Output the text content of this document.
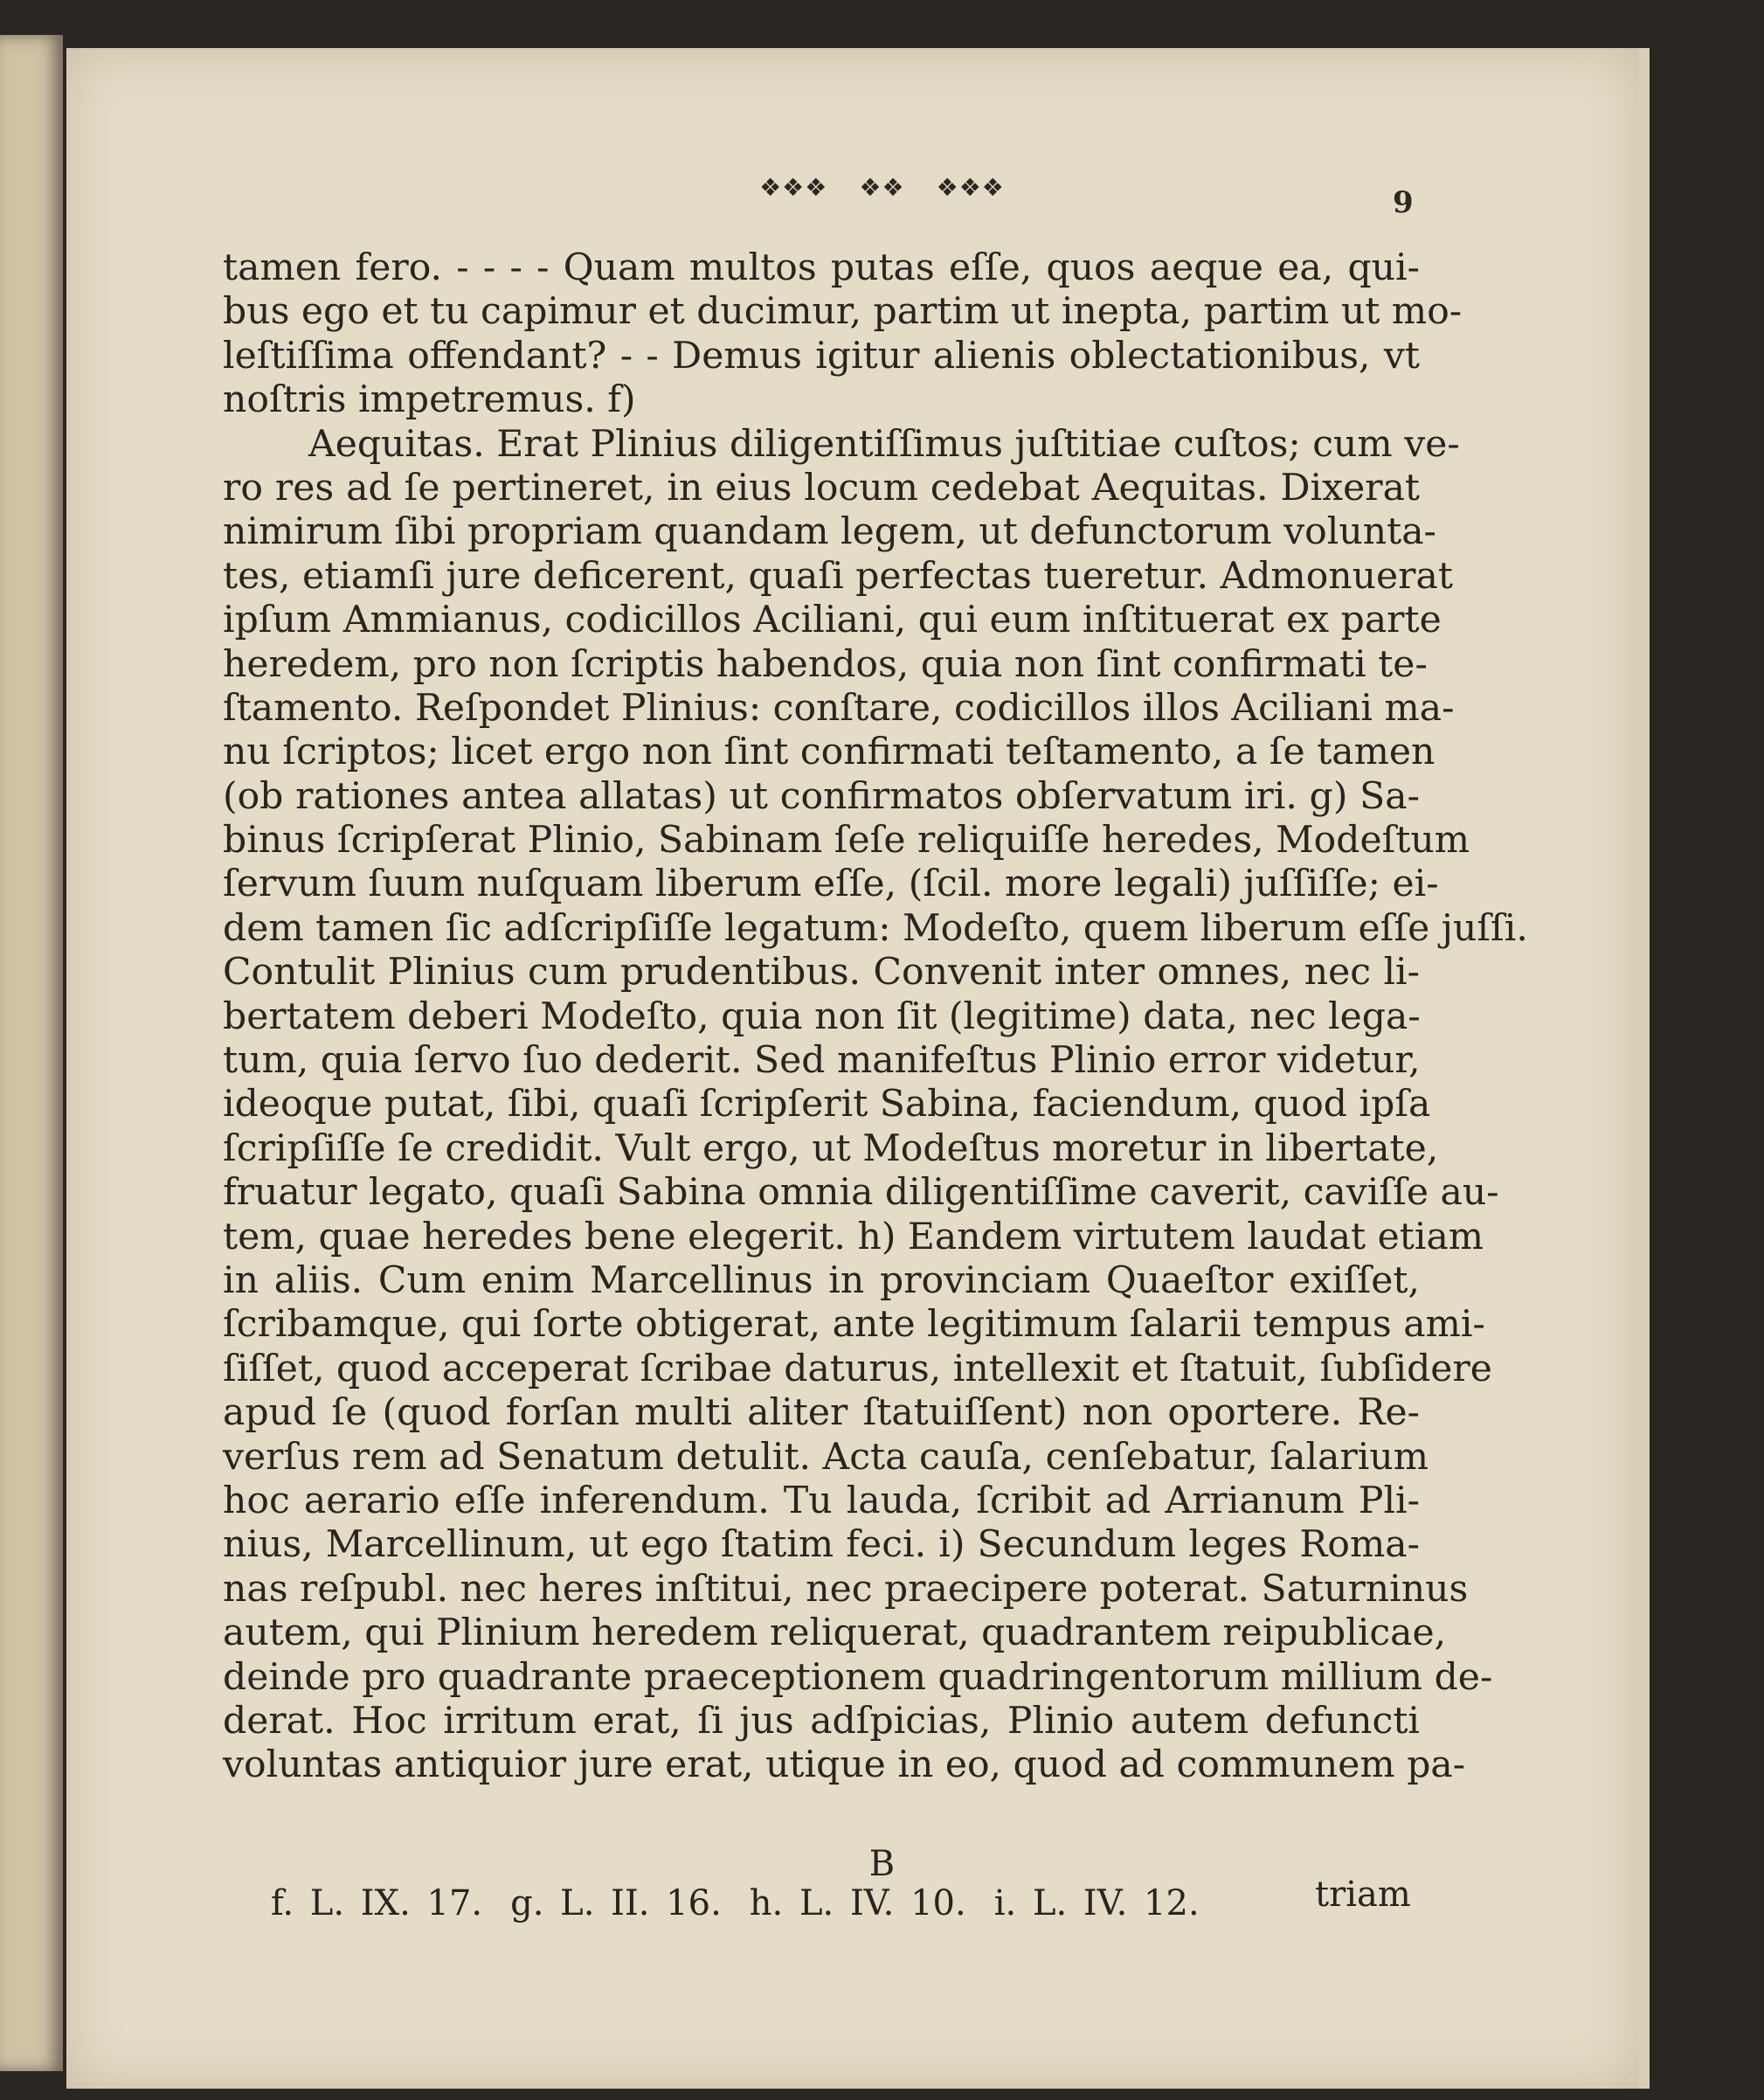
❖❖❖ ❖❖ ❖❖❖	9
tamen fero. - - - - Quam multos putas eſſe, quos aeque ea, qui-
bus ego et tu capimur et ducimur, partim ut inepta, partim ut mo-
leſtiſſima offendant? - - Demus igitur alienis oblectationibus, vt
noſtris impetremus. f)
Aequitas. Erat Plinius diligentiſſimus juſtitiae cuſtos; cum ve-
ro res ad ſe pertineret, in eius locum cedebat Aequitas. Dixerat
nimirum ſibi propriam quandam legem, ut defunctorum volunta-
tes, etiamſi jure deficerent, quaſi perfectas tueretur. Admonuerat
ipſum Ammianus, codicillos Aciliani, qui eum inſtituerat ex parte
heredem, pro non ſcriptis habendos, quia non ſint confirmati te-
ſtamento. Reſpondet Plinius: conſtare, codicillos illos Aciliani ma-
nu ſcriptos; licet ergo non ſint confirmati teſtamento, a ſe tamen
(ob rationes antea allatas) ut confirmatos obſervatum iri. g) Sa-
binus ſcripſerat Plinio, Sabinam ſeſe reliquiſſe heredes, Modeſtum
ſervum ſuum nuſquam liberum eſſe, (ſcil. more legali) juſſiſſe; ei-
dem tamen ſic adſcripſiſſe legatum: Modeſto, quem liberum eſſe juſſi.
Contulit Plinius cum prudentibus. Convenit inter omnes, nec li-
bertatem deberi Modeſto, quia non ſit (legitime) data, nec lega-
tum, quia ſervo ſuo dederit. Sed manifeſtus Plinio error videtur,
ideoque putat, ſibi, quaſi ſcripſerit Sabina, faciendum, quod ipſa
ſcripſiſſe ſe credidit. Vult ergo, ut Modeſtus moretur in libertate,
fruatur legato, quaſi Sabina omnia diligentiſſime caverit, caviſſe au-
tem, quae heredes bene elegerit. h) Eandem virtutem laudat etiam
in aliis. Cum enim Marcellinus in provinciam Quaeſtor exiſſet,
ſcribamque, qui ſorte obtigerat, ante legitimum ſalarii tempus ami-
ſiſſet, quod acceperat ſcribae daturus, intellexit et ſtatuit, ſubſidere
apud ſe (quod forſan multi aliter ſtatuiſſent) non oportere. Re-
verſus rem ad Senatum detulit. Acta cauſa, cenſebatur, ſalarium
hoc aerario eſſe inferendum. Tu lauda, ſcribit ad Arrianum Pli-
nius, Marcellinum, ut ego ſtatim feci. i) Secundum leges Roma-
nas reſpubl. nec heres inſtitui, nec praecipere poterat. Saturninus
autem, qui Plinium heredem reliquerat, quadrantem reipublicae,
deinde pro quadrante praeceptionem quadringentorum millium de-
derat. Hoc irritum erat, ſi jus adſpicias, Plinio autem defuncti
voluntas antiquior jure erat, utique in eo, quod ad communem pa-
B
triam
f. L. IX. 17. g. L. II. 16. h. L. IV. 10. i. L. IV. 12.
